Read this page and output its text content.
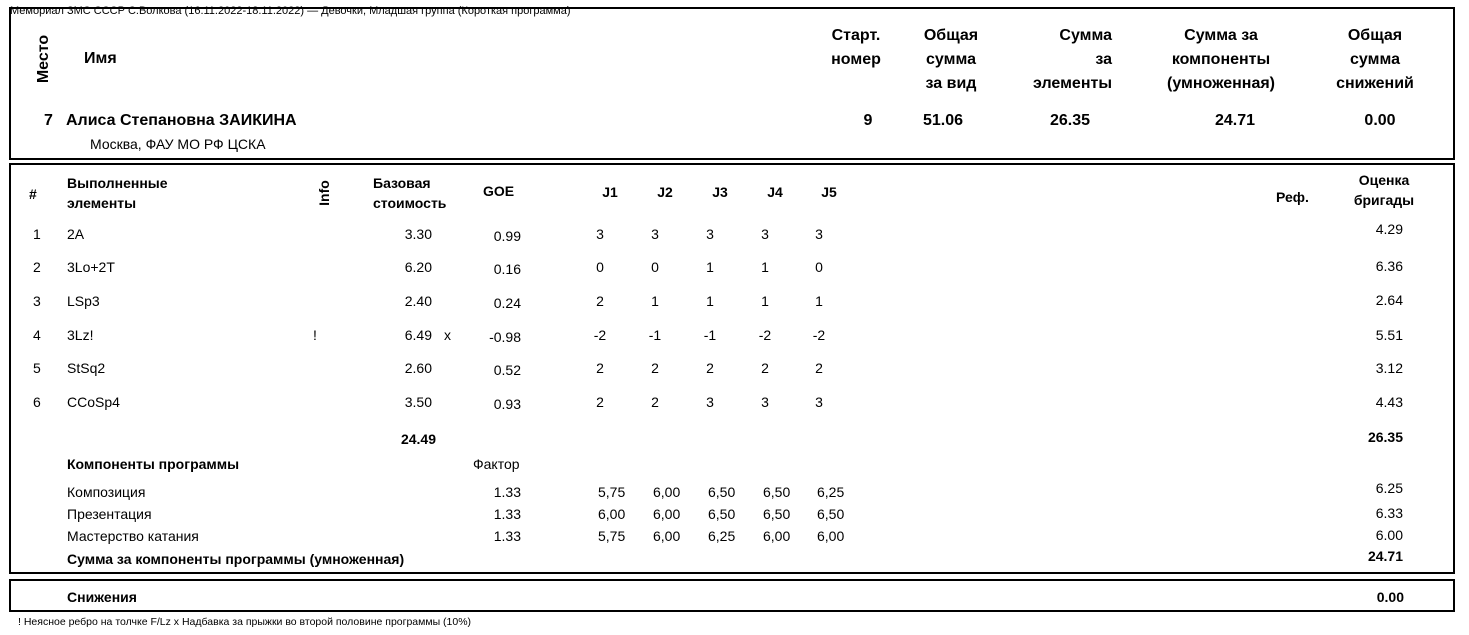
Мемориал ЗМС СССР С.Волкова (16.11.2022-18.11.2022) — Девочки, Младшая группа (Короткая программа)
Место Имя
Старт.
номер
Общая
сумма
за вид
Сумма
за
элементы
Сумма за
компоненты
(умноженная)
Общая
сумма
снижений
7 Алиса Степановна ЗАИКИНА
Москва, ФАУ МО РФ ЦСКА
9	51.06	26.35	24.71	0.00
#
Выполненные
элементы	Info	Базовая
стоимость
GOE	J1	J2	J3	J4	J5	Реф.
Оценка
бригады
1 2A	3.30	0.99	3	3	3	3	3	4.29
2 3Lo+2T	6.20	0.16	0	0	1	1	0	6.36
3 LSp3	2.40	0.24	2	1	1	1	1	2.64
4 3Lz!	!	6.49 x	-0.98	-2	-1	-1	-2	-2	5.51
5 StSq2	2.60	0.52	2	2	2	2	2	3.12
6 CCoSp4	3.50	0.93	2	2	3	3	3	4.43
24.49	26.35
Компоненты программы	Фактор
Композиция	1.33	5,75 6,00 6,50 6,50 6,25	6.25
Презентация	1.33	6,00 6,00 6,50 6,50 6,50	6.33
Мастерство катания	1.33	5,75 6,00 6,25 6,00 6,00	6.00
Сумма за компоненты программы (умноженная)	24.71
Снижения	0.00
! Неясное ребро на толчке F/Lz x Надбавка за прыжки во второй половине программы (10%)
